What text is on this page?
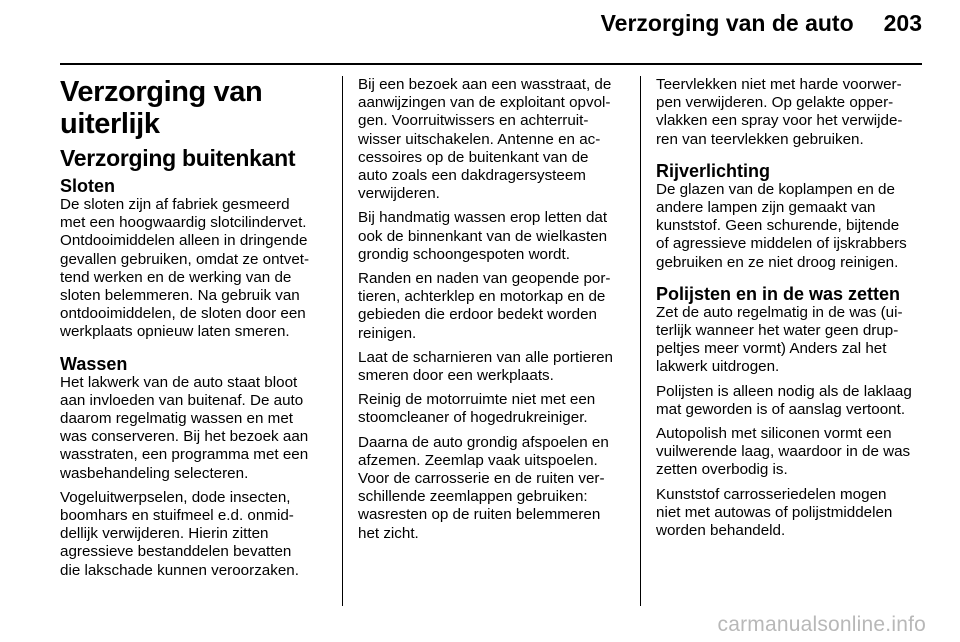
Verzorging van de auto 203
Verzorging van uiterlijk
Verzorging buitenkant
Sloten
De sloten zijn af fabriek gesmeerd
met een hoogwaardig slotcilindervet.
Ontdooimiddelen alleen in dringende
gevallen gebruiken, omdat ze ontvet-
tend werken en de werking van de
sloten belemmeren. Na gebruik van
ontdooimiddelen, de sloten door een
werkplaats opnieuw laten smeren.
Wassen
Het lakwerk van de auto staat bloot
aan invloeden van buitenaf. De auto
daarom regelmatig wassen en met
was conserveren. Bij het bezoek aan
wasstraten, een programma met een
wasbehandeling selecteren.
Vogeluitwerpselen, dode insecten,
boomhars en stuifmeel e.d. onmid-
dellijk verwijderen. Hierin zitten
agressieve bestanddelen bevatten
die lakschade kunnen veroorzaken.
Bij een bezoek aan een wasstraat, de
aanwijzingen van de exploitant opvol-
gen. Voorruitwissers en achterruit-
wisser uitschakelen. Antenne en ac-
cessoires op de buitenkant van de
auto zoals een dakdragersysteem
verwijderen.
Bij handmatig wassen erop letten dat
ook de binnenkant van de wielkasten
grondig schoongespoten wordt.
Randen en naden van geopende por-
tieren, achterklep en motorkap en de
gebieden die erdoor bedekt worden
reinigen.
Laat de scharnieren van alle portieren
smeren door een werkplaats.
Reinig de motorruimte niet met een
stoomcleaner of hogedrukreiniger.
Daarna de auto grondig afspoelen en
afzemen. Zeemlap vaak uitspoelen.
Voor de carrosserie en de ruiten ver-
schillende zeemlappen gebruiken:
wasresten op de ruiten belemmeren
het zicht.
Teervlekken niet met harde voorwer-
pen verwijderen. Op gelakte opper-
vlakken een spray voor het verwijde-
ren van teervlekken gebruiken.
Rijverlichting
De glazen van de koplampen en de
andere lampen zijn gemaakt van
kunststof. Geen schurende, bijtende
of agressieve middelen of ijskrabbers
gebruiken en ze niet droog reinigen.
Polijsten en in de was zetten
Zet de auto regelmatig in de was (ui-
terlijk wanneer het water geen drup-
peltjes meer vormt) Anders zal het
lakwerk uitdrogen.
Polijsten is alleen nodig als de laklaag
mat geworden is of aanslag vertoont.
Autopolish met siliconen vormt een
vuilwerende laag, waardoor in de was
zetten overbodig is.
Kunststof carrosseriedelen mogen
niet met autowas of polijstmiddelen
worden behandeld.
carmanualsonline.info
